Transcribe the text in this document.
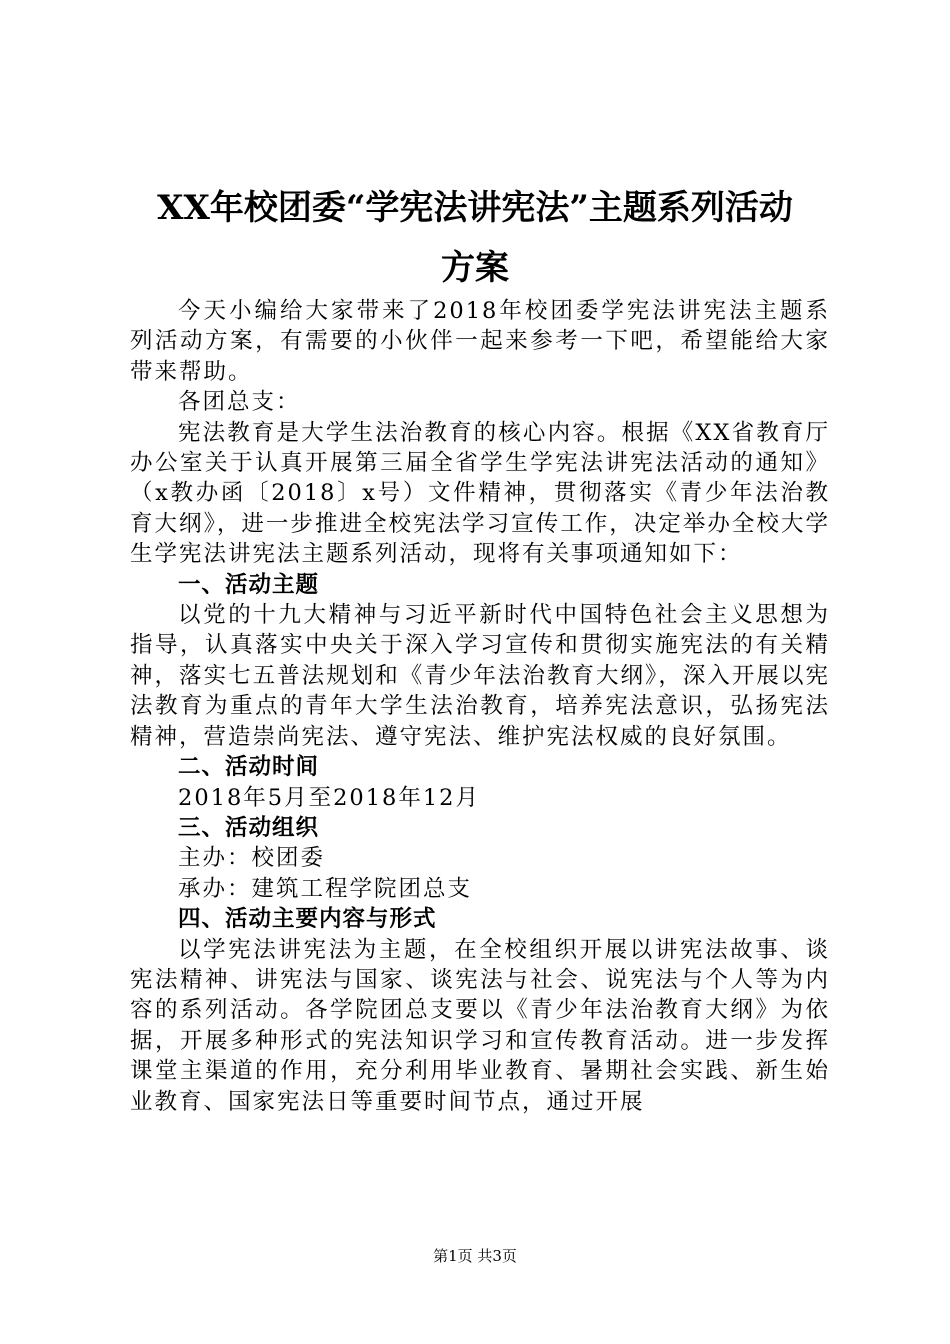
XX年校团委“学宪法讲宪法”主题系列活动
方案

今天小编给大家带来了2018年校团委学宪法讲宪法主题系列活动方案，有需要的小伙伴一起来参考一下吧，希望能给大家带来帮助。

各团总支：

宪法教育是大学生法治教育的核心内容。根据《XX省教育厅办公室关于认真开展第三届全省学生学宪法讲宪法活动的通知》（x教办函〔2018〕x号）文件精神，贯彻落实《青少年法治教育大纲》，进一步推进全校宪法学习宣传工作，决定举办全校大学生学宪法讲宪法主题系列活动，现将有关事项通知如下：

一、活动主题

以党的十九大精神与习近平新时代中国特色社会主义思想为指导，认真落实中央关于深入学习宣传和贯彻实施宪法的有关精神，落实七五普法规划和《青少年法治教育大纲》，深入开展以宪法教育为重点的青年大学生法治教育，培养宪法意识，弘扬宪法精神，营造崇尚宪法、遵守宪法、维护宪法权威的良好氛围。

二、活动时间

2018年5月至2018年12月

三、活动组织

主办：校团委

承办：建筑工程学院团总支

四、活动主要内容与形式

以学宪法讲宪法为主题，在全校组织开展以讲宪法故事、谈宪法精神、讲宪法与国家、谈宪法与社会、说宪法与个人等为内容的系列活动。各学院团总支要以《青少年法治教育大纲》为依据，开展多种形式的宪法知识学习和宣传教育活动。进一步发挥课堂主渠道的作用，充分利用毕业教育、暑期社会实践、新生始业教育、国家宪法日等重要时间节点，通过开展

第1页 共3页
